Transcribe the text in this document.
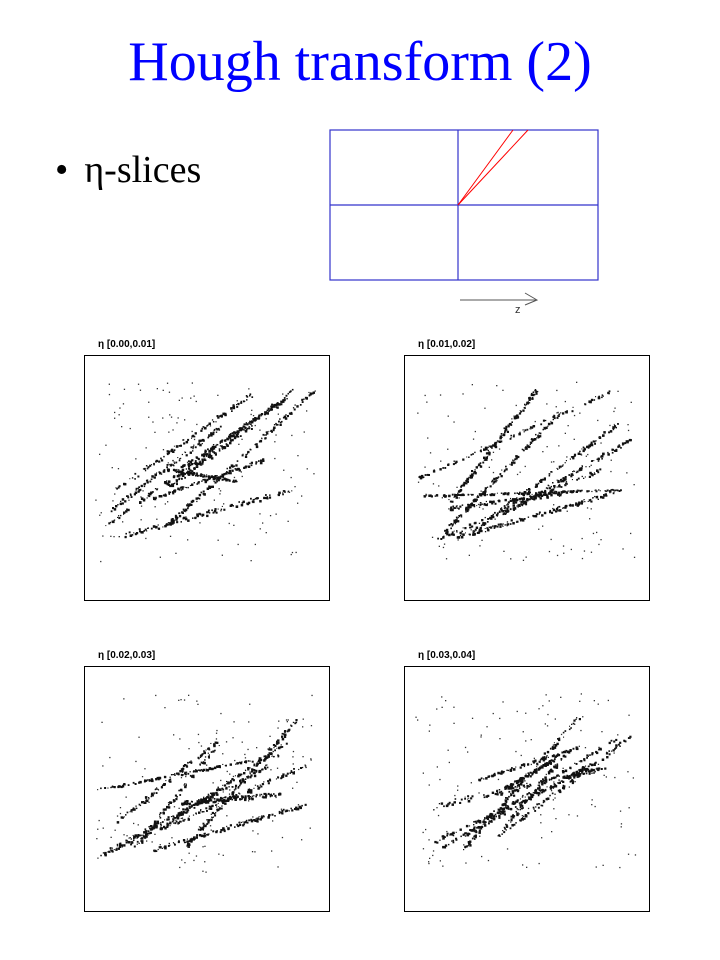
Hough transform (2)
• η-slices
z
η [0.00,0.01]	η [0.01,0.02]
η [0.02,0.03]	η [0.03,0.04]
